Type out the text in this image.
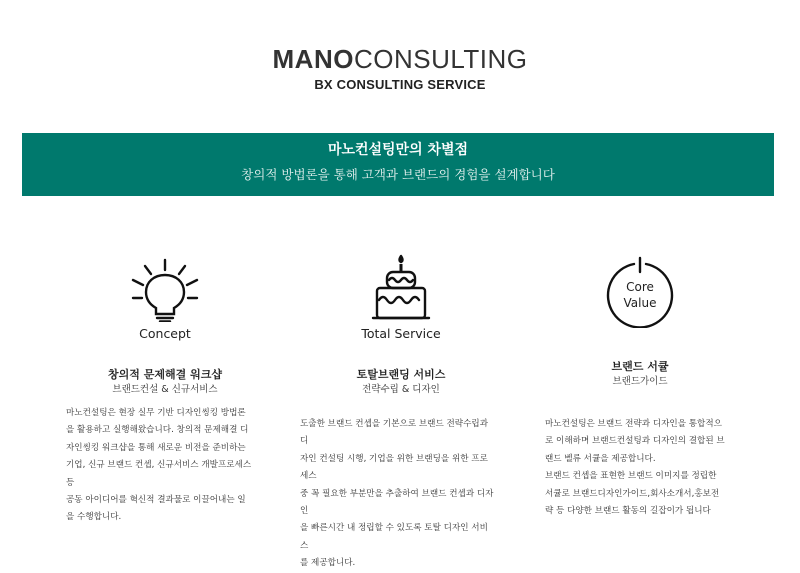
MANOCONSULTING
BX CONSULTING SERVICE
마노컨설팅만의 차별점
창의적 방법론을 통해 고객과 브랜드의 경험을 설계합니다
Concept
창의적 문제해결 워크샵
브랜드컨설 & 신규서비스
Total Service
토탈브랜딩 서비스
전략수립 & 디자인
Core
Value
브랜드 서큘
브랜드가이드

마노컨설팅은 현장 실무 기반 디자인씽킹 방법론

을 활용하고 실행해왔습니다. 창의적 문제해결 디

자인씽킹 워크샵을 통해 새로운 비전을 준비하는

기업, 신규 브랜드 컨셉, 신규서비스 개발프로세스

등

공동 아이디어를 혁신적 결과물로 이끌어내는 일

을 수행합니다.

도출한 브랜드 컨셉을 기본으로 브랜드 전략수립과 디

자인 컨설팅 시행, 기업을 위한 브랜딩을 위한 프로세스

중 꼭 필요한 부분만을 추출하여 브랜드 컨셉과 디자인

을 빠른시간 내 정립할 수 있도록 토탈 디자인 서비스

를 제공합니다.

마노컨설팅은 브랜드 전략과 디자인을 통합적으

로 이해하며 브랜드컨설팅과 디자인의 결합된 브

랜드 벨류 서큘을 제공합니다.

브랜드 컨셉을 표현한 브랜드 이미지를 정립한

서큘로 브랜드디자인가이드,회사소개서,홍보전

략 등 다양한 브랜드 활동의 길잡이가 됩니다
